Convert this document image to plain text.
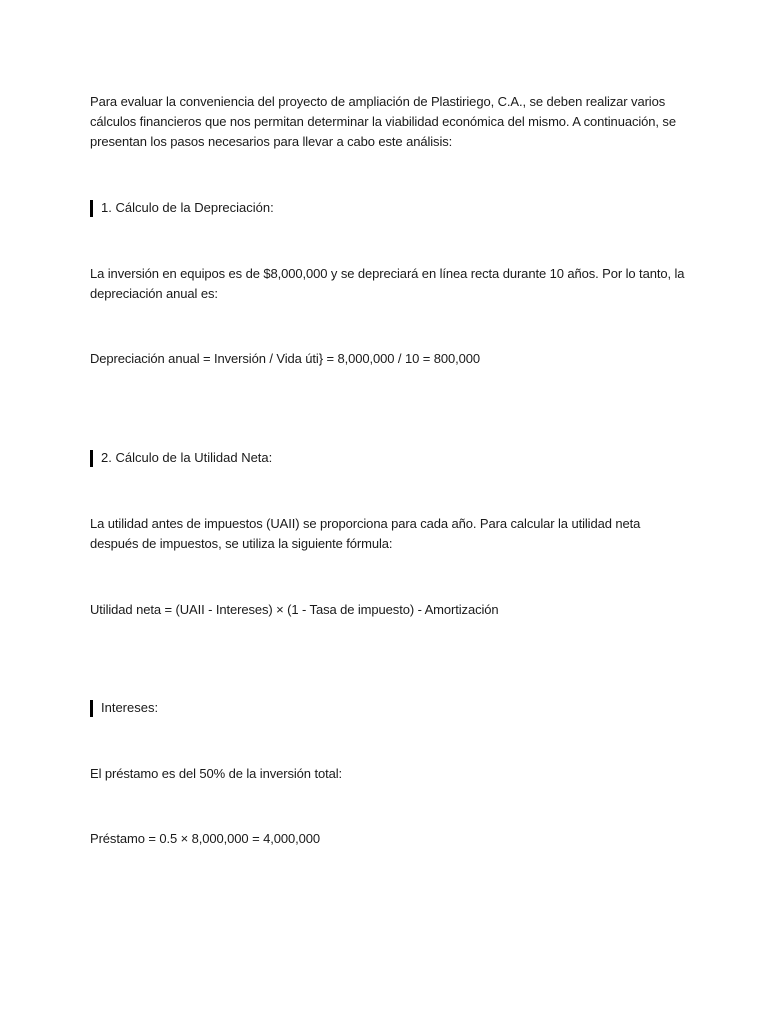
Para evaluar la conveniencia del proyecto de ampliación de Plastiriego, C.A., se deben realizar varios cálculos financieros que nos permitan determinar la viabilidad económica del mismo. A continuación, se presentan los pasos necesarios para llevar a cabo este análisis:

1. Cálculo de la Depreciación:

La inversión en equipos es de $8,000,000 y se depreciará en línea recta durante 10 años. Por lo tanto, la depreciación anual es:

Depreciación anual = Inversión / Vida úti} = 8,000,000 / 10 = 800,000

2. Cálculo de la Utilidad Neta:

La utilidad antes de impuestos (UAII) se proporciona para cada año. Para calcular la utilidad neta después de impuestos, se utiliza la siguiente fórmula:

Utilidad neta = (UAII - Intereses) × (1 - Tasa de impuesto) - Amortización

Intereses:

El préstamo es del 50% de la inversión total:

Préstamo = 0.5 × 8,000,000 = 4,000,000
